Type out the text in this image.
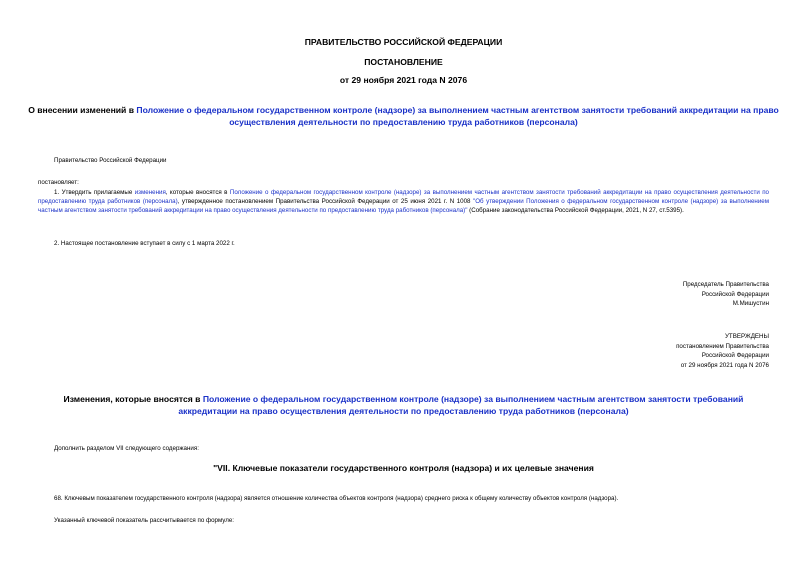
ПРАВИТЕЛЬСТВО РОССИЙСКОЙ ФЕДЕРАЦИИ
ПОСТАНОВЛЕНИЕ
от 29 ноября 2021 года N 2076
О внесении изменений в Положение о федеральном государственном контроле (надзоре) за выполнением частным агентством занятости требований аккредитации на право осуществления деятельности по предоставлению труда работников (персонала)
Правительство Российской Федерации
постановляет:
1. Утвердить прилагаемые изменения, которые вносятся в Положение о федеральном государственном контроле (надзоре) за выполнением частным агентством занятости требований аккредитации на право осуществления деятельности по предоставлению труда работников (персонала), утвержденное постановлением Правительства Российской Федерации от 25 июня 2021 г. N 1008 "Об утверждении Положения о федеральном государственном контроле (надзоре) за выполнением частным агентством занятости требований аккредитации на право осуществления деятельности по предоставлению труда работников (персонала)" (Собрание законодательства Российской Федерации, 2021, N 27, ст.5395).
2. Настоящее постановление вступает в силу с 1 марта 2022 г.
Председатель Правительства
Российской Федерации
М.Мишустин
УТВЕРЖДЕНЫ
постановлением Правительства
Российской Федерации
от 29 ноября 2021 года N 2076
Изменения, которые вносятся в Положение о федеральном государственном контроле (надзоре) за выполнением частным агентством занятости требований аккредитации на право осуществления деятельности по предоставлению труда работников (персонала)
Дополнить разделом VII следующего содержания:
"VII. Ключевые показатели государственного контроля (надзора) и их целевые значения
68. Ключевым показателем государственного контроля (надзора) является отношение количества объектов контроля (надзора) среднего риска к общему количеству объектов контроля (надзора).
Указанный ключевой показатель рассчитывается по формуле:
